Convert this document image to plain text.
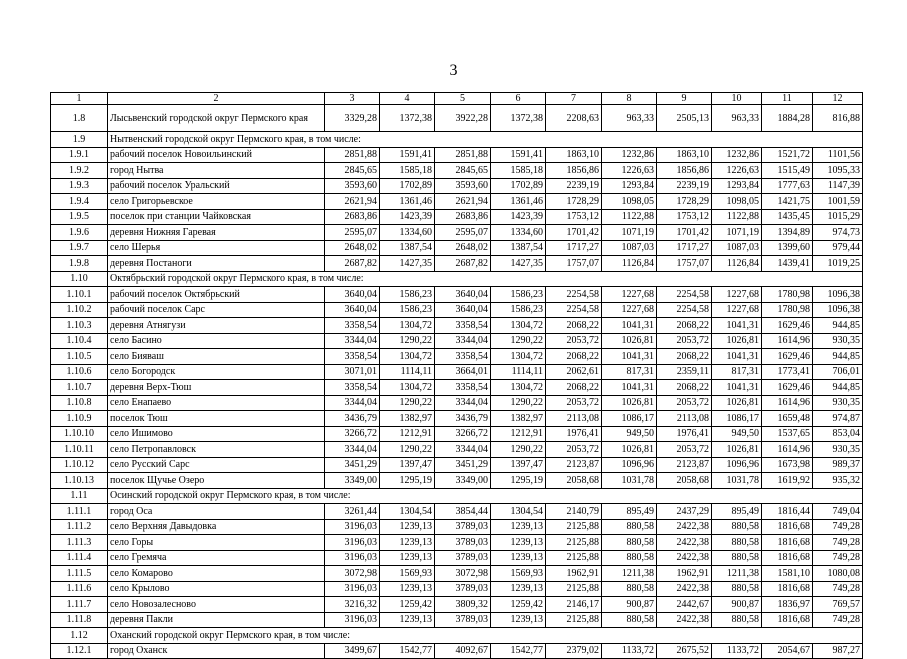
3
1	2	3	4	5	6	7	8	9	10	11	12
1.8	Лысьвенский городской округ Пермского края	3329,28	1372,38	3922,28	1372,38	2208,63	963,33	2505,13	963,33	1884,28	816,88
1.9	Нытвенский городской округ Пермского края, в том числе:										
1.9.1	рабочий поселок Новоильинский	2851,88	1591,41	2851,88	1591,41	1863,10	1232,86	1863,10	1232,86	1521,72	1101,56
1.9.2	город Нытва	2845,65	1585,18	2845,65	1585,18	1856,86	1226,63	1856,86	1226,63	1515,49	1095,33
1.9.3	рабочий поселок Уральский	3593,60	1702,89	3593,60	1702,89	2239,19	1293,84	2239,19	1293,84	1777,63	1147,39
1.9.4	село Григорьевское	2621,94	1361,46	2621,94	1361,46	1728,29	1098,05	1728,29	1098,05	1421,75	1001,59
1.9.5	поселок при станции Чайковская	2683,86	1423,39	2683,86	1423,39	1753,12	1122,88	1753,12	1122,88	1435,45	1015,29
1.9.6	деревня Нижняя Гаревая	2595,07	1334,60	2595,07	1334,60	1701,42	1071,19	1701,42	1071,19	1394,89	974,73
1.9.7	село Шерья	2648,02	1387,54	2648,02	1387,54	1717,27	1087,03	1717,27	1087,03	1399,60	979,44
1.9.8	деревня Постаноги	2687,82	1427,35	2687,82	1427,35	1757,07	1126,84	1757,07	1126,84	1439,41	1019,25
1.10	Октябрьский городской округ Пермского края, в том числе:										
1.10.1	рабочий поселок Октябрьский	3640,04	1586,23	3640,04	1586,23	2254,58	1227,68	2254,58	1227,68	1780,98	1096,38
1.10.2	рабочий поселок Сарс	3640,04	1586,23	3640,04	1586,23	2254,58	1227,68	2254,58	1227,68	1780,98	1096,38
1.10.3	деревня Атнягузи	3358,54	1304,72	3358,54	1304,72	2068,22	1041,31	2068,22	1041,31	1629,46	944,85
1.10.4	село Басино	3344,04	1290,22	3344,04	1290,22	2053,72	1026,81	2053,72	1026,81	1614,96	930,35
1.10.5	село Бияваш	3358,54	1304,72	3358,54	1304,72	2068,22	1041,31	2068,22	1041,31	1629,46	944,85
1.10.6	село Богородск	3071,01	1114,11	3664,01	1114,11	2062,61	817,31	2359,11	817,31	1773,41	706,01
1.10.7	деревня Верх-Тюш	3358,54	1304,72	3358,54	1304,72	2068,22	1041,31	2068,22	1041,31	1629,46	944,85
1.10.8	село Енапаево	3344,04	1290,22	3344,04	1290,22	2053,72	1026,81	2053,72	1026,81	1614,96	930,35
1.10.9	поселок Тюш	3436,79	1382,97	3436,79	1382,97	2113,08	1086,17	2113,08	1086,17	1659,48	974,87
1.10.10	село Ишимово	3266,72	1212,91	3266,72	1212,91	1976,41	949,50	1976,41	949,50	1537,65	853,04
1.10.11	село Петропавловск	3344,04	1290,22	3344,04	1290,22	2053,72	1026,81	2053,72	1026,81	1614,96	930,35
1.10.12	село Русский Сарс	3451,29	1397,47	3451,29	1397,47	2123,87	1096,96	2123,87	1096,96	1673,98	989,37
1.10.13	поселок Щучье Озеро	3349,00	1295,19	3349,00	1295,19	2058,68	1031,78	2058,68	1031,78	1619,92	935,32
1.11	Осинский городской округ Пермского края, в том числе:										
1.11.1	город Оса	3261,44	1304,54	3854,44	1304,54	2140,79	895,49	2437,29	895,49	1816,44	749,04
1.11.2	село Верхняя Давыдовка	3196,03	1239,13	3789,03	1239,13	2125,88	880,58	2422,38	880,58	1816,68	749,28
1.11.3	село Горы	3196,03	1239,13	3789,03	1239,13	2125,88	880,58	2422,38	880,58	1816,68	749,28
1.11.4	село Гремяча	3196,03	1239,13	3789,03	1239,13	2125,88	880,58	2422,38	880,58	1816,68	749,28
1.11.5	село Комарово	3072,98	1569,93	3072,98	1569,93	1962,91	1211,38	1962,91	1211,38	1581,10	1080,08
1.11.6	село Крылово	3196,03	1239,13	3789,03	1239,13	2125,88	880,58	2422,38	880,58	1816,68	749,28
1.11.7	село Новозалесново	3216,32	1259,42	3809,32	1259,42	2146,17	900,87	2442,67	900,87	1836,97	769,57
1.11.8	деревня Пакли	3196,03	1239,13	3789,03	1239,13	2125,88	880,58	2422,38	880,58	1816,68	749,28
1.12	Оханский городской округ Пермского края, в том числе:										
1.12.1	город Оханск	3499,67	1542,77	4092,67	1542,77	2379,02	1133,72	2675,52	1133,72	2054,67	987,27
